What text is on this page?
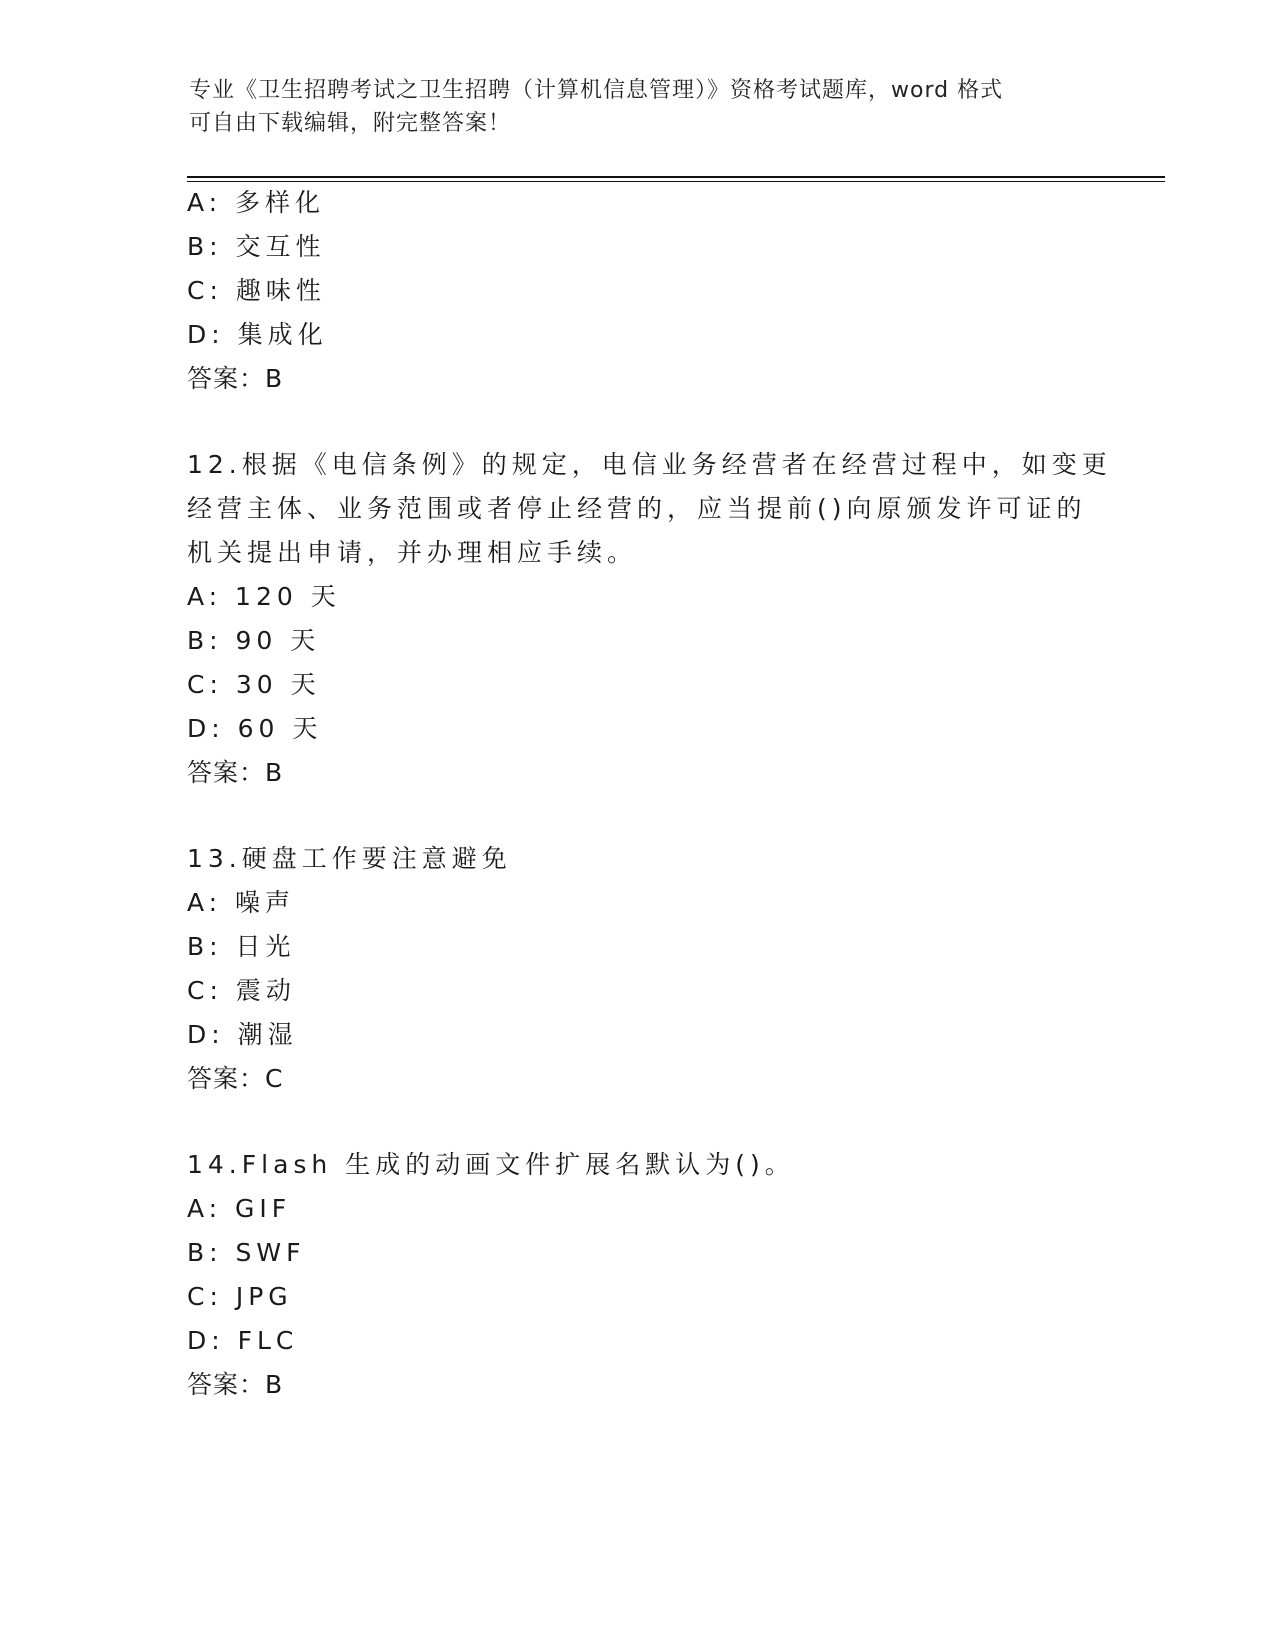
专业《卫生招聘考试之卫生招聘（计算机信息管理）》资格考试题库，word 格式
可自由下载编辑，附完整答案！
A: 多样化
B: 交互性
C: 趣味性
D: 集成化
答案：B
12.根据《电信条例》的规定，电信业务经营者在经营过程中，如变更
经营主体、业务范围或者停止经营的，应当提前()向原颁发许可证的
机关提出申请，并办理相应手续。
A: 120 天
B: 90 天
C: 30 天
D: 60 天
答案：B
13.硬盘工作要注意避免
A: 噪声
B: 日光
C: 震动
D: 潮湿
答案：C
14.Flash 生成的动画文件扩展名默认为()。
A: GIF
B: SWF
C: JPG
D: FLC
答案：B
